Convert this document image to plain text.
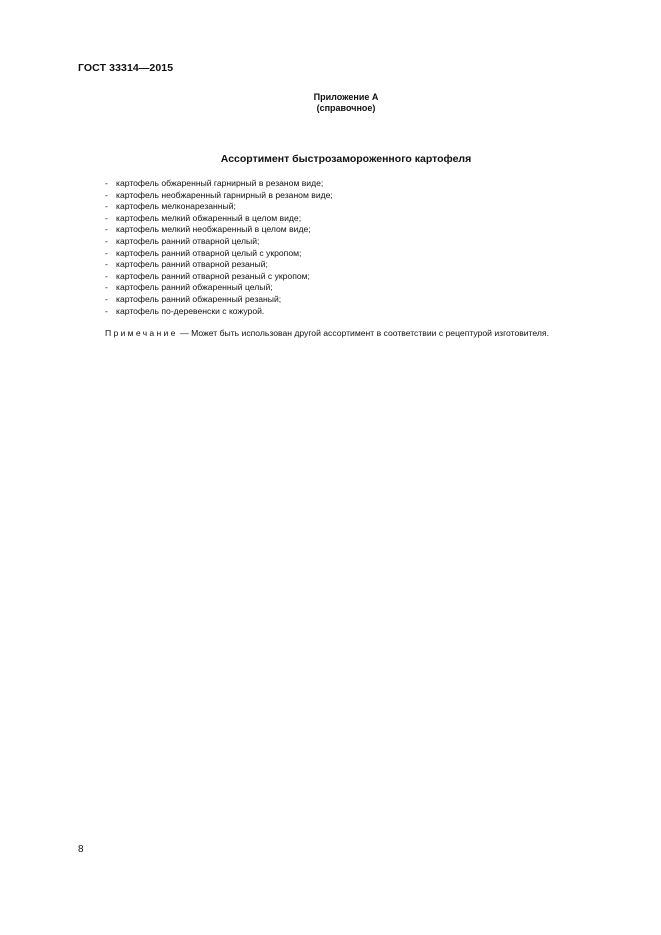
ГОСТ 33314—2015
Приложение А
(справочное)
Ассортимент быстрозамороженного картофеля
- картофель обжаренный гарнирный в резаном виде;
- картофель необжаренный гарнирный в резаном виде;
- картофель мелконарезанный;
- картофель мелкий обжаренный в целом виде;
- картофель мелкий необжаренный в целом виде;
- картофель ранний отварной целый;
- картофель ранний отварной целый с укропом;
- картофель ранний отварной резаный;
- картофель ранний отварной резаный с укропом;
- картофель ранний обжаренный целый;
- картофель ранний обжаренный резаный;
- картофель по-деревенски с кожурой.
Примечание — Может быть использован другой ассортимент в соответствии с рецептурой изготовителя.
8
